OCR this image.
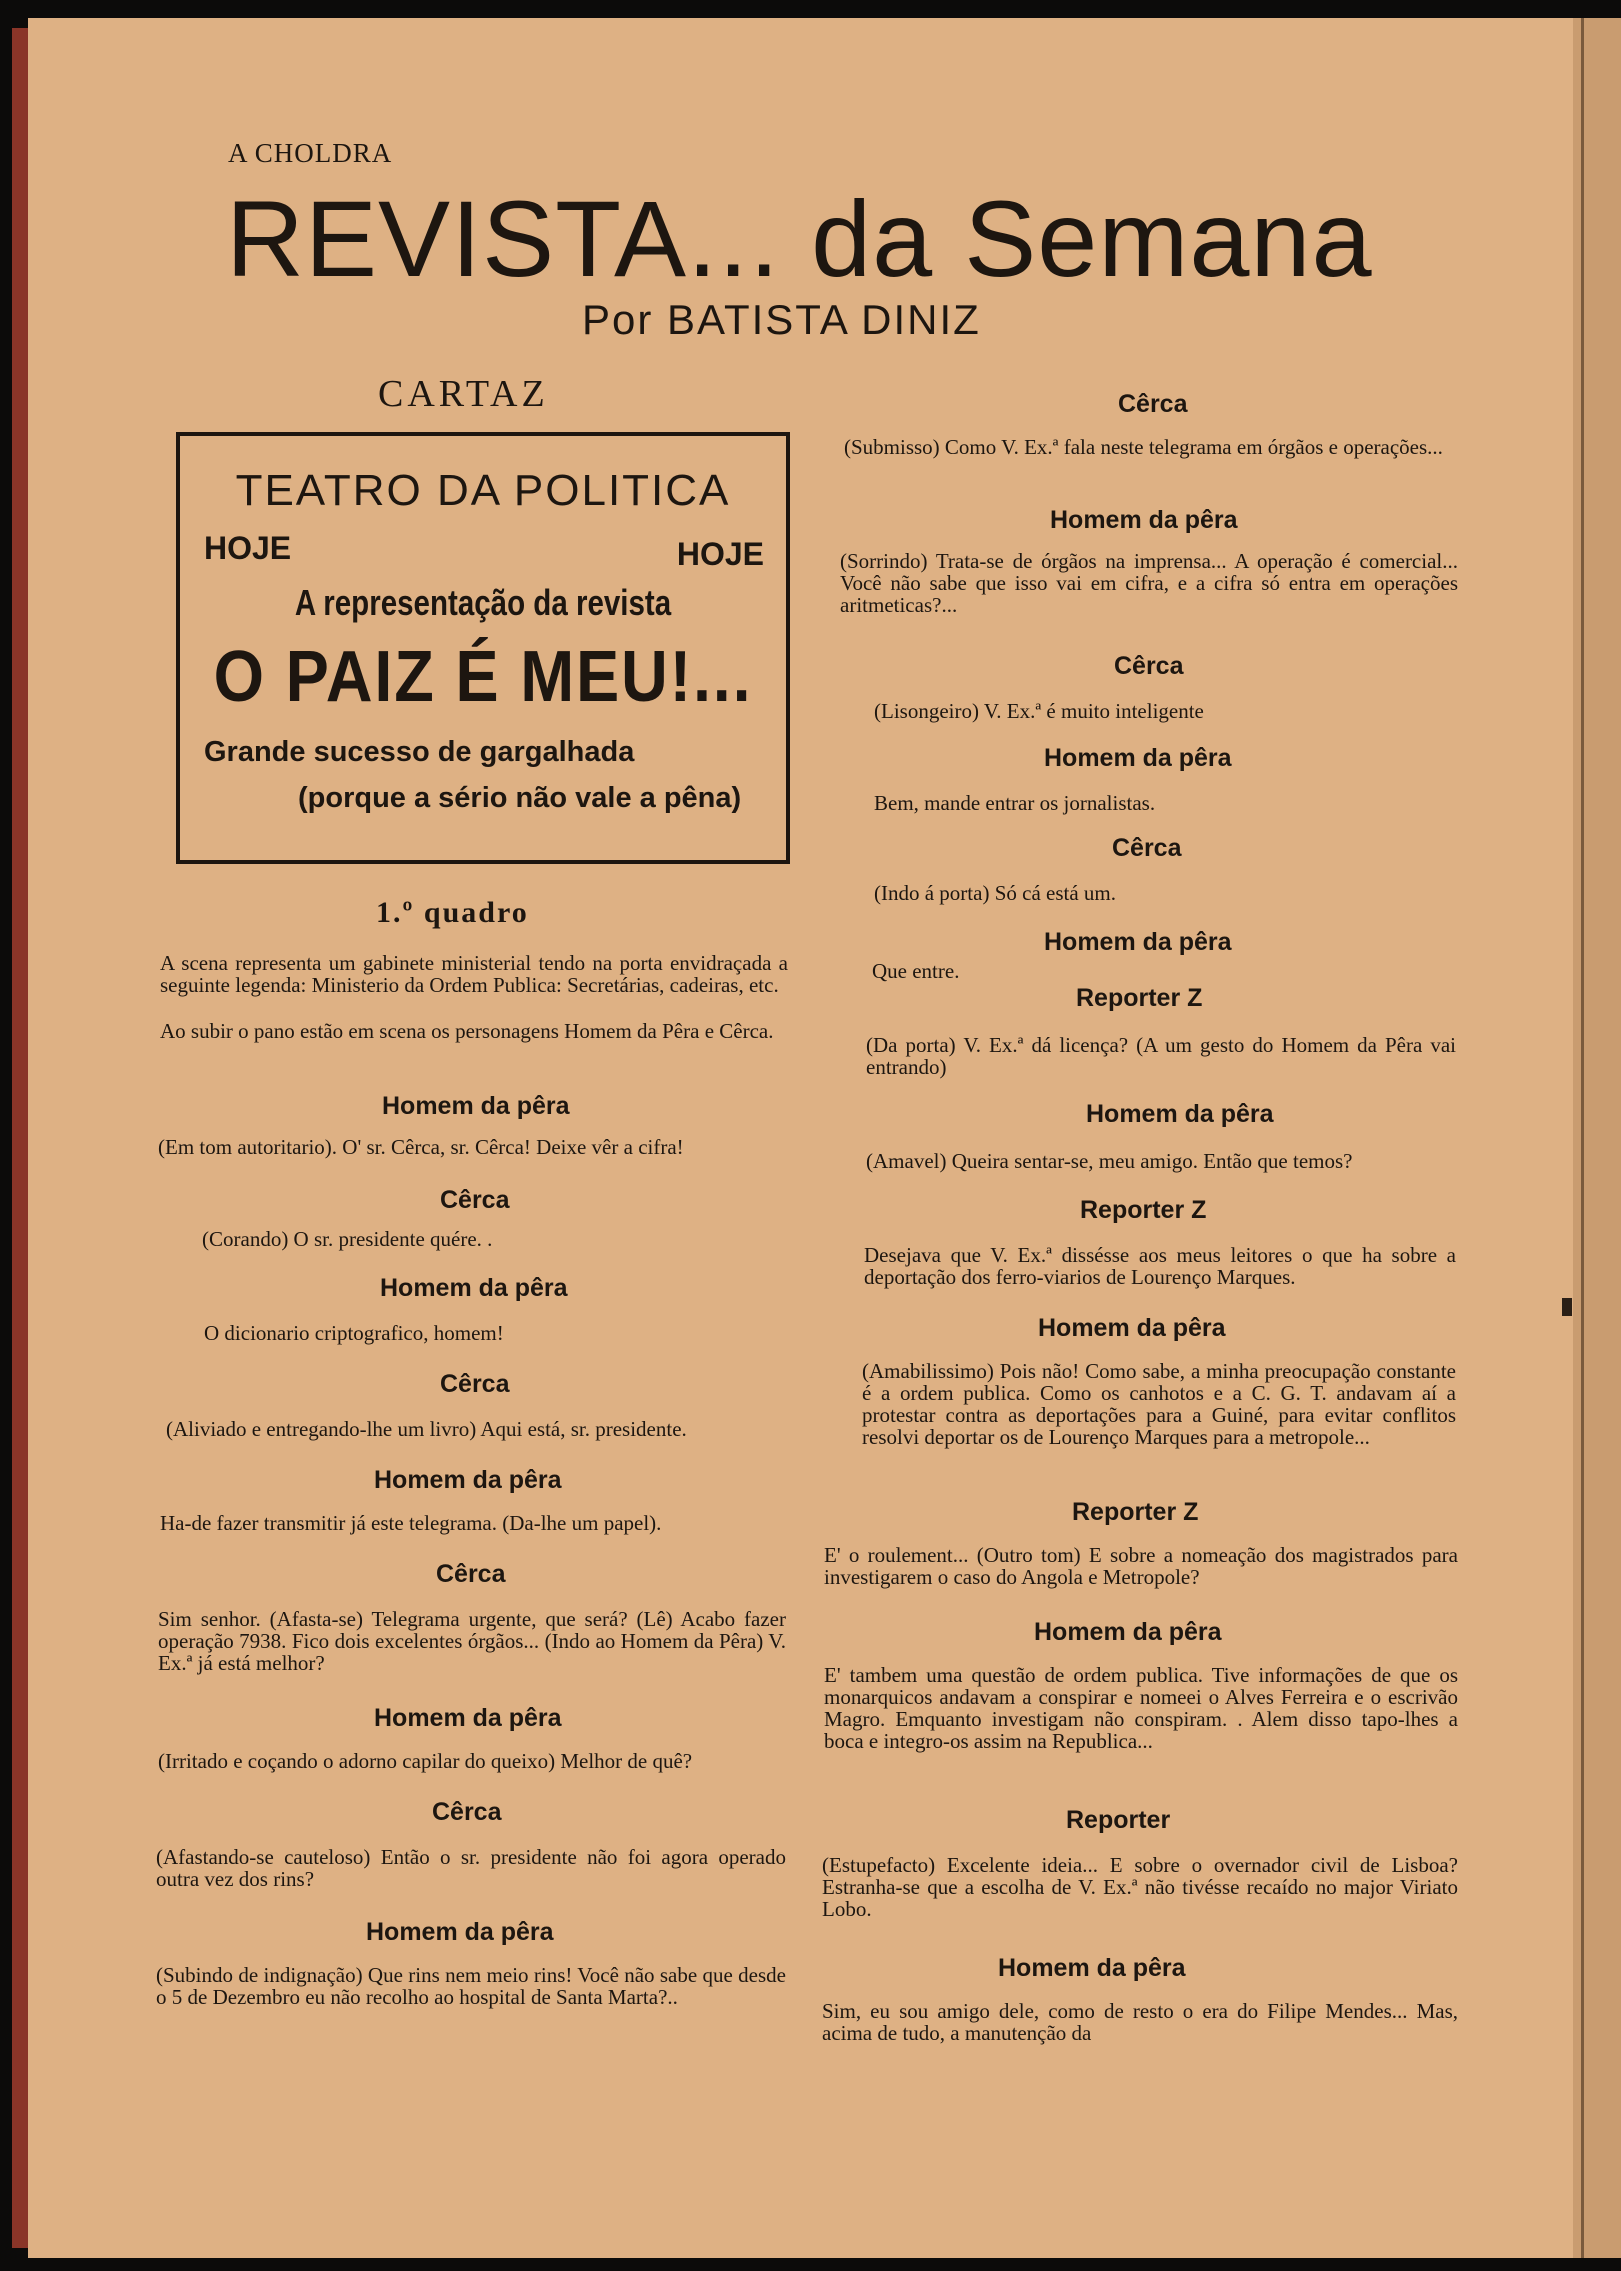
A CHOLDRA
REVISTA... da Semana
Por BATISTA DINIZ
CARTAZ
TEATRO DA POLITICA
HOJE	HOJE
A representação da revista
O PAIZ É MEU!...
Grande sucesso de gargalhada
(porque a sério não vale a pêna)
1.º quadro
A scena representa um gabinete ministerial tendo na porta envidraçada a seguinte legenda: Ministerio da Ordem Publica: Secretárias, cadeiras, etc.
Ao subir o pano estão em scena os personagens Homem da Pêra e Cêrca.
Homem da pêra
(Em tom autoritario). O' sr. Cêrca, sr. Cêrca! Deixe vêr a cifra!
Cêrca
(Corando) O sr. presidente quére. .
Homem da pêra
O dicionario criptografico, homem!
Cêrca
(Aliviado e entregando-lhe um livro) Aqui está, sr. presidente.
Homem da pêra
Ha-de fazer transmitir já este telegrama. (Da-lhe um papel).
Cêrca
Sim senhor. (Afasta-se) Telegrama urgente, que será? (Lê) Acabo fazer operação 7938. Fico dois excelentes órgãos... (Indo ao Homem da Pêra) V. Ex.ª já está melhor?
Homem da pêra
(Irritado e coçando o adorno capilar do queixo) Melhor de quê?
Cêrca
(Afastando-se cauteloso) Então o sr. presidente não foi agora operado outra vez dos rins?
Homem da pêra
(Subindo de indignação) Que rins nem meio rins! Você não sabe que desde o 5 de Dezembro eu não recolho ao hospital de Santa Marta?..
Cêrca
(Submisso) Como V. Ex.ª fala neste telegrama em órgãos e operações...
Homem da pêra
(Sorrindo) Trata-se de órgãos na imprensa... A operação é comercial... Você não sabe que isso vai em cifra, e a cifra só entra em operações aritmeticas?...
Cêrca
(Lisongeiro) V. Ex.ª é muito inteligente
Homem da pêra
Bem, mande entrar os jornalistas.
Cêrca
(Indo á porta) Só cá está um.
Homem da pêra
Que entre.
Reporter Z
(Da porta) V. Ex.ª dá licença? (A um gesto do Homem da Pêra vai entrando)
Homem da pêra
(Amavel) Queira sentar-se, meu amigo. Então que temos?
Reporter Z
Desejava que V. Ex.ª dissésse aos meus leitores o que ha sobre a deportação dos ferro-viarios de Lourenço Marques.
Homem da pêra
(Amabilissimo) Pois não! Como sabe, a minha preocupação constante é a ordem publica. Como os canhotos e a C. G. T. andavam aí a protestar contra as deportações para a Guiné, para evitar conflitos resolvi deportar os de Lourenço Marques para a metropole...
Reporter Z
E' o roulement... (Outro tom) E sobre a nomeação dos magistrados para investigarem o caso do Angola e Metropole?
Homem da pêra
E' tambem uma questão de ordem publica. Tive informações de que os monarquicos andavam a conspirar e nomeei o Alves Ferreira e o escrivão Magro. Emquanto investigam não conspiram. . Alem disso tapo-lhes a boca e integro-os assim na Republica...
Reporter
(Estupefacto) Excelente ideia... E sobre o overnador civil de Lisboa? Estranha-se que a escolha de V. Ex.ª não tivésse recaído no major Viriato Lobo.
Homem da pêra
Sim, eu sou amigo dele, como de resto o era do Filipe Mendes... Mas, acima de tudo, a manutenção da
